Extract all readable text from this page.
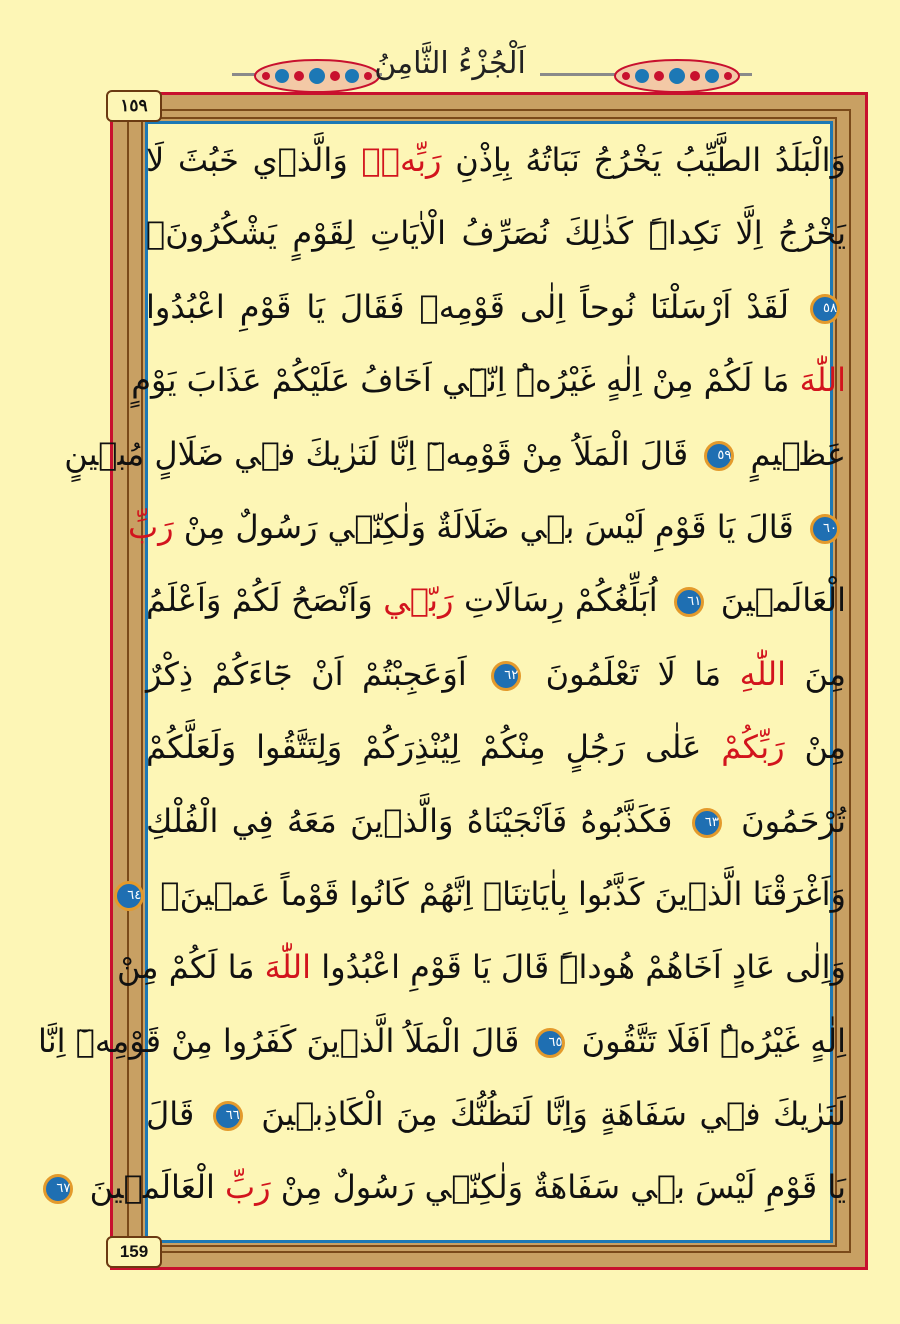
اَلْجُزْءُ الثَّامِنُ
١٥٩
159
وَالْبَلَدُ الطَّيِّبُ يَخْرُجُ نَبَاتُهُ بِاِذْنِ رَبِّهٖۚ وَالَّذ۪ي خَبُثَ لَا
يَخْرُجُ اِلَّا نَكِداًۜ كَذٰلِكَ نُصَرِّفُ الْاٰيَاتِ لِقَوْمٍ يَشْكُرُونَ۟
٥٨ لَقَدْ اَرْسَلْنَا نُوحاً اِلٰى قَوْمِه۪ فَقَالَ يَا قَوْمِ اعْبُدُوا
اللّٰهَ مَا لَكُمْ مِنْ اِلٰهٍ غَيْرُهُۜ اِنّ۪ٓي اَخَافُ عَلَيْكُمْ عَذَابَ يَوْمٍ
عَظ۪يمٍ ٥٩ قَالَ الْمَلَاُ مِنْ قَوْمِه۪ٓ اِنَّا لَنَرٰيكَ ف۪ي ضَلَالٍ مُب۪ينٍ
٦٠ قَالَ يَا قَوْمِ لَيْسَ ب۪ي ضَلَالَةٌ وَلٰكِنّ۪ي رَسُولٌ مِنْ رَبِّ
الْعَالَم۪ينَ ٦١ اُبَلِّغُكُمْ رِسَالَاتِ رَبّ۪ي وَاَنْصَحُ لَكُمْ وَاَعْلَمُ
مِنَ اللّٰهِ مَا لَا تَعْلَمُونَ ٦٢ اَوَعَجِبْتُمْ اَنْ جَٓاءَكُمْ ذِكْرٌ
مِنْ رَبِّكُمْ عَلٰى رَجُلٍ مِنْكُمْ لِيُنْذِرَكُمْ وَلِتَتَّقُوا وَلَعَلَّكُمْ
تُرْحَمُونَ ٦٣ فَكَذَّبُوهُ فَاَنْجَيْنَاهُ وَالَّذ۪ينَ مَعَهُ فِي الْفُلْكِ
وَاَغْرَقْنَا الَّذ۪ينَ كَذَّبُوا بِاٰيَاتِنَاۜ اِنَّهُمْ كَانُوا قَوْماً عَم۪ينَ۟ ٦٤
وَاِلٰى عَادٍ اَخَاهُمْ هُوداًۜ قَالَ يَا قَوْمِ اعْبُدُوا اللّٰهَ مَا لَكُمْ مِنْ
اِلٰهٍ غَيْرُهُۜ اَفَلَا تَتَّقُونَ ٦٥ قَالَ الْمَلَاُ الَّذ۪ينَ كَفَرُوا مِنْ قَوْمِه۪ٓ اِنَّا
لَنَرٰيكَ ف۪ي سَفَاهَةٍ وَاِنَّا لَنَظُنُّكَ مِنَ الْكَاذِب۪ينَ ٦٦ قَالَ
يَا قَوْمِ لَيْسَ ب۪ي سَفَاهَةٌ وَلٰكِنّ۪ي رَسُولٌ مِنْ رَبِّ الْعَالَم۪ينَ ٦٧
